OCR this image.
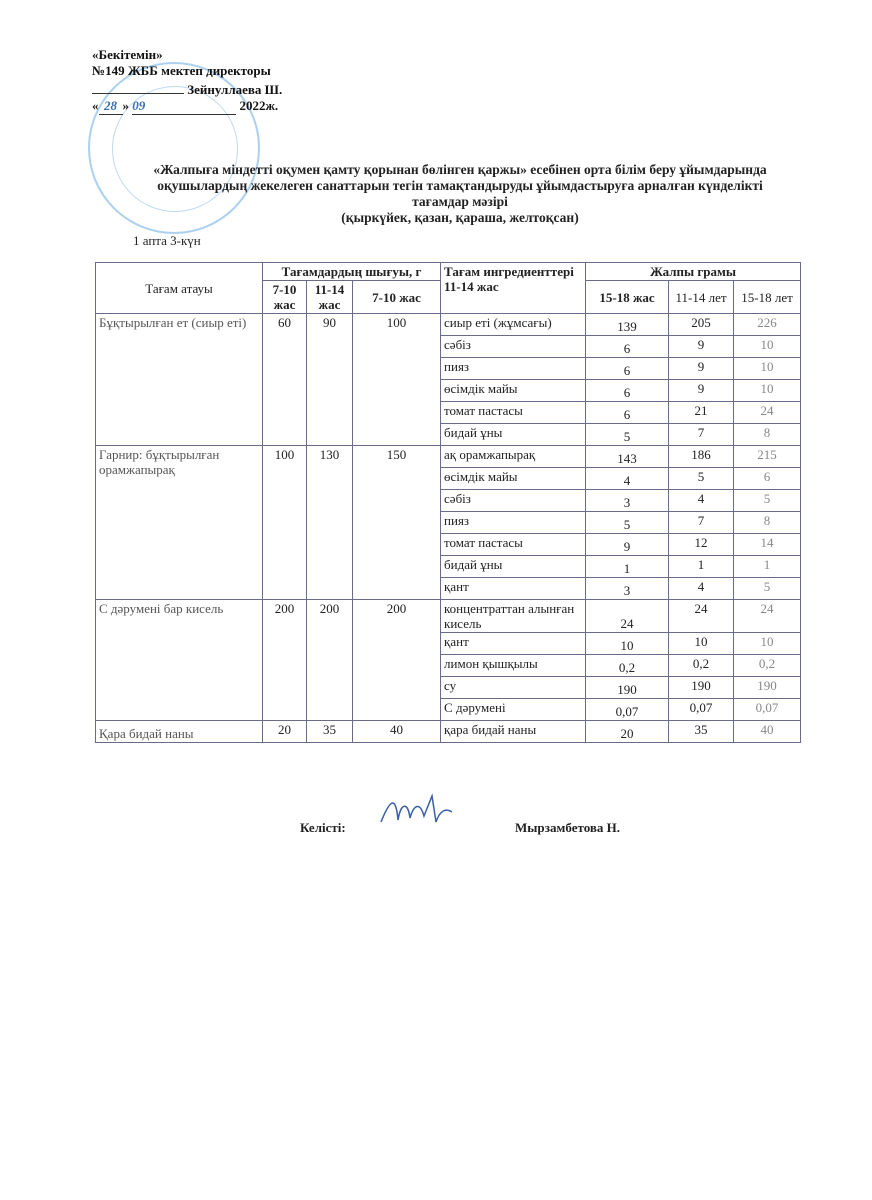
«Бекітемін»
№149 ЖББ мектеп директоры
Зейнуллаева Ш.
« 28 » 09	2022ж.
«Жалпыға міндетті оқумен қамту қорынан бөлінген қаржы» есебінен орта білім беру ұйымдарында
оқушылардың жекелеген санаттарын тегін тамақтандыруды ұйымдастыруға арналған күнделікті
тағамдар мәзірі
(қыркүйек, қазан, қараша, желтоқсан)
1 апта 3-күн
Тағам атауы	Тағамдардың шығуы, г			Тағам ингредиенттері 11-14 жас	Жалпы грамы		
	7-10 жас	11-14 жас	7-10 жас		15-18 жас	11-14 лет	15-18 лет
Бұқтырылған ет (сиыр еті)	60	90	100	сиыр еті (жұмсағы)	139	205	226
				сәбіз	6	9	10
				пияз	6	9	10
				өсімдік майы	6	9	10
				томат пастасы	6	21	24
				бидай ұны	5	7	8
Гарнир: бұқтырылған орамжапырақ	100	130	150	ақ орамжапырақ	143	186	215
				өсімдік майы	4	5	6
				сәбіз	3	4	5
				пияз	5	7	8
				томат пастасы	9	12	14
				бидай ұны	1	1	1
				қант	3	4	5
С дәрумені бар кисель	200	200	200	концентраттан алынған кисель	24	24	24
				қант	10	10	10
				лимон қышқылы	0,2	0,2	0,2
				су	190	190	190
				С дәрумені	0,07	0,07	0,07
Қара бидай наны	20	35	40	қара бидай наны	20	35	40
Келісті:	Мырзамбетова Н.
